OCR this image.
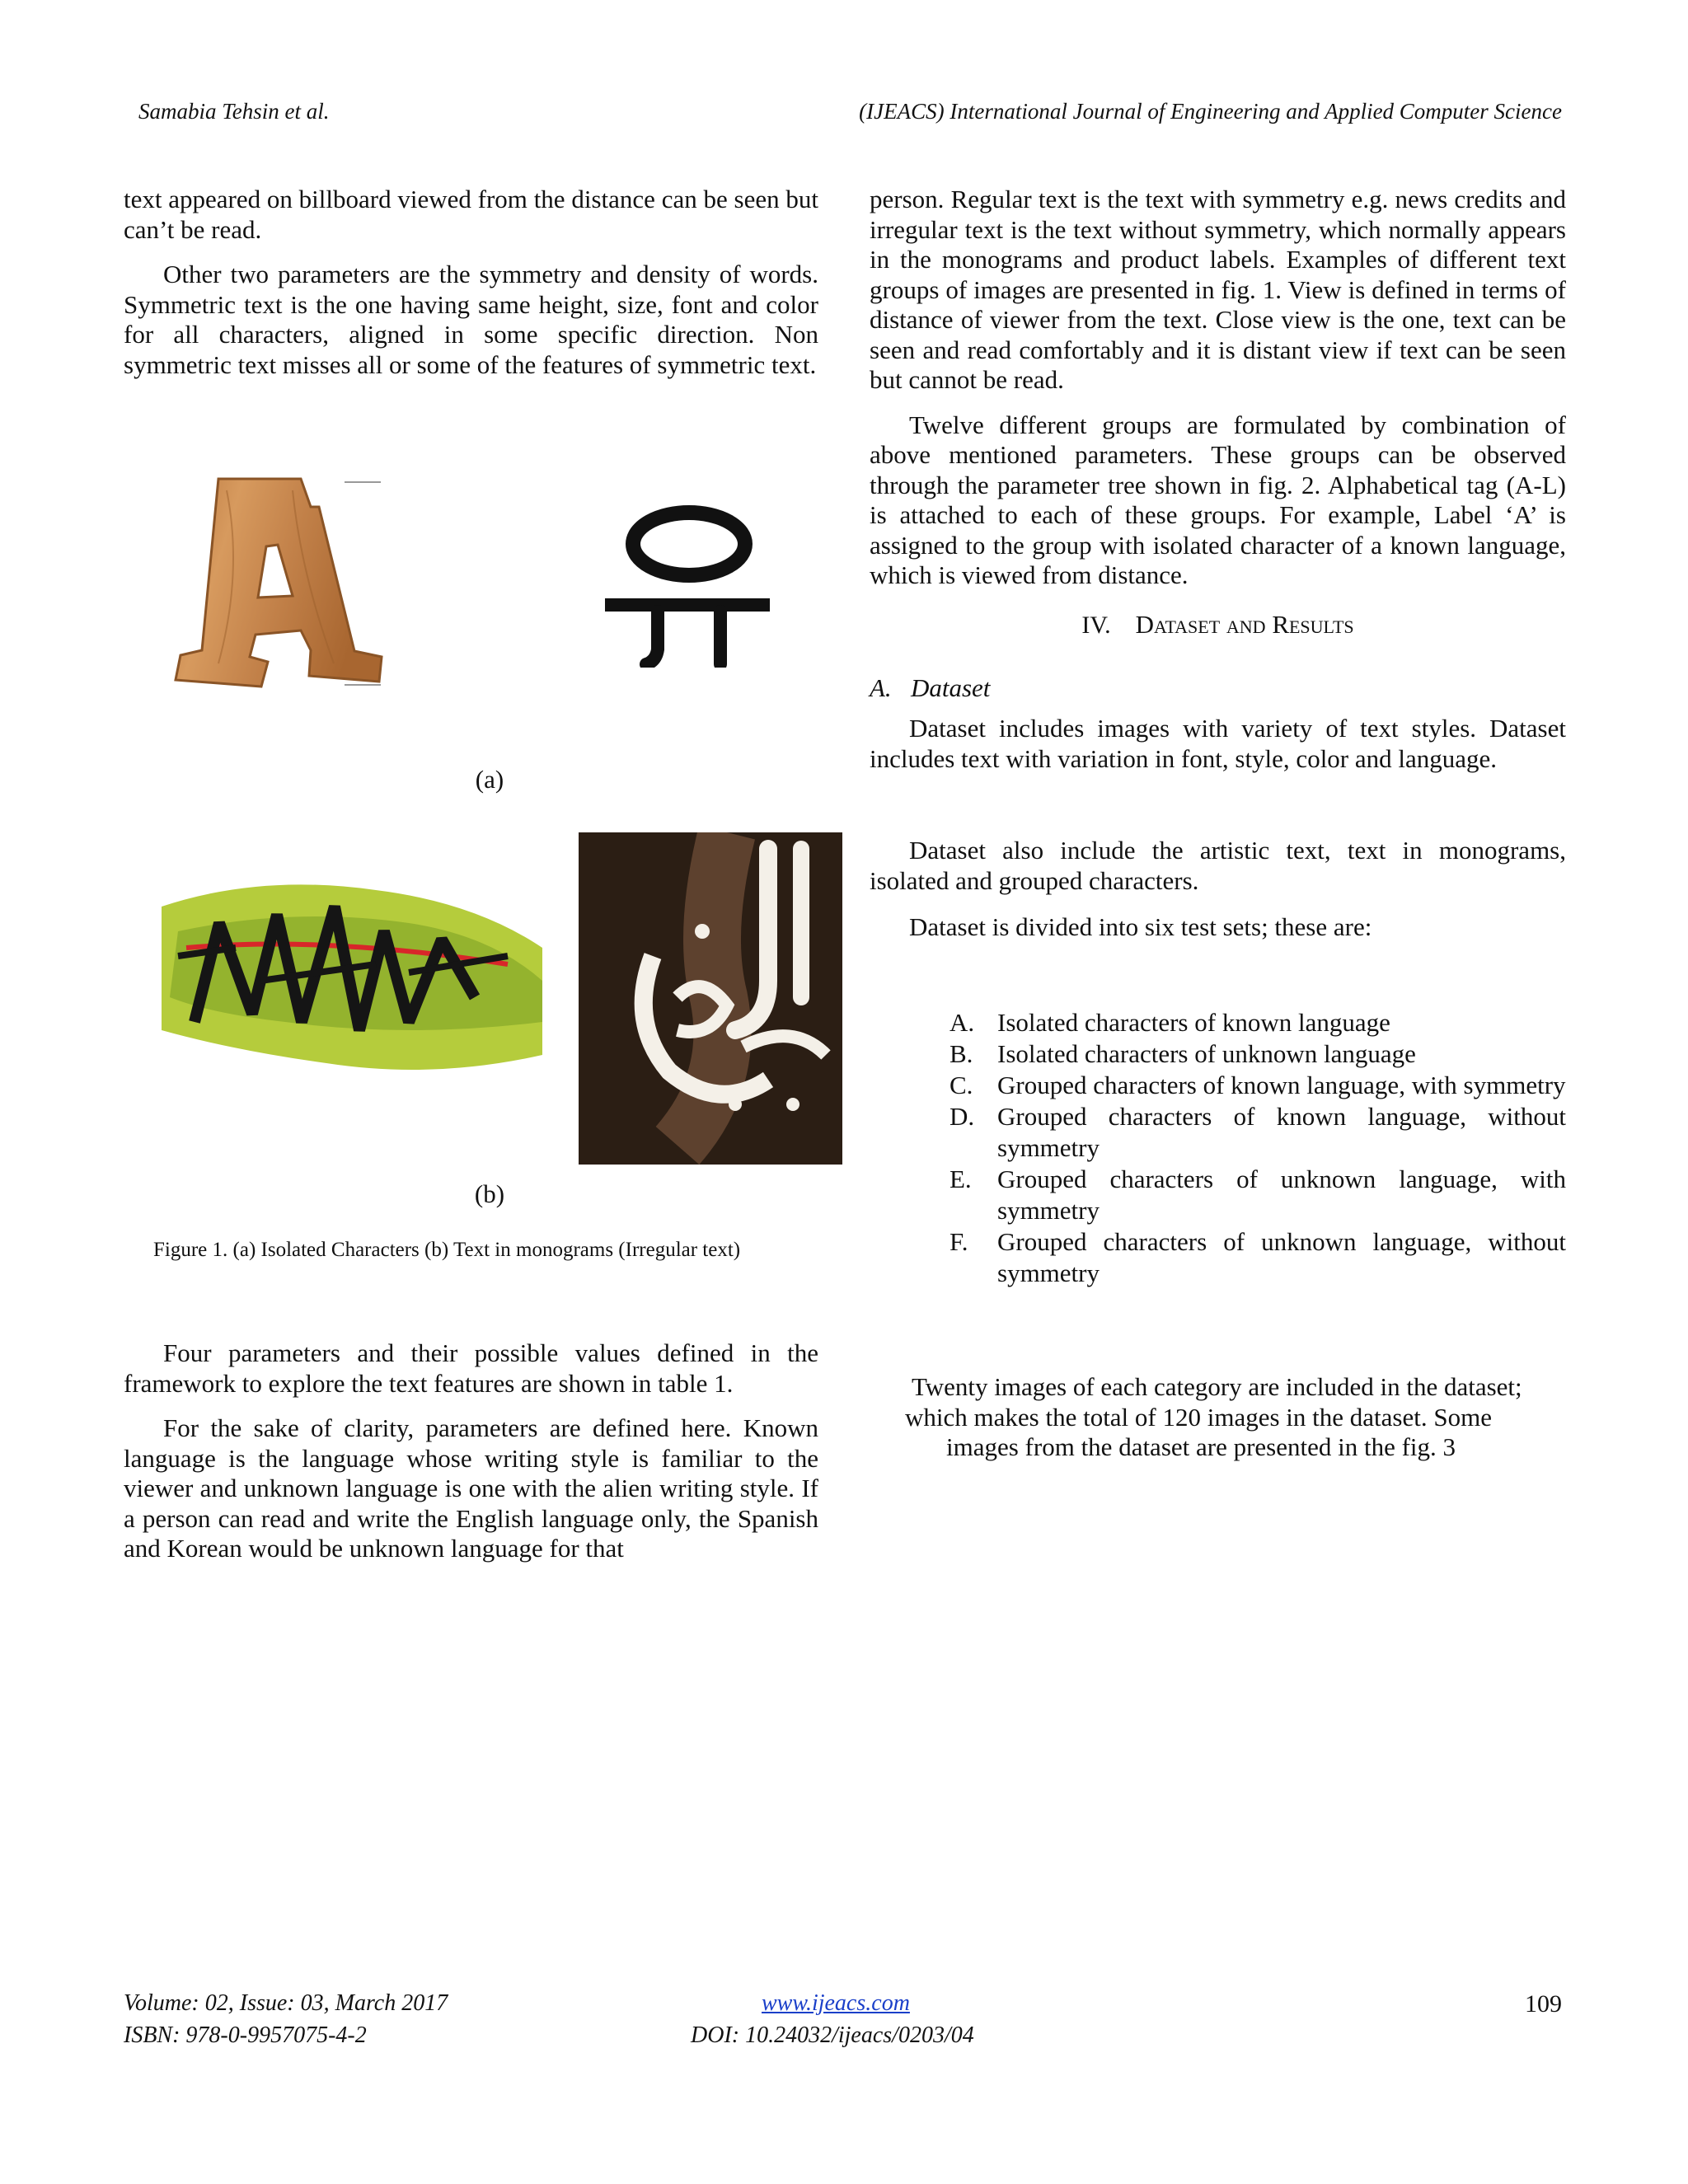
Samabia Tehsin et al.	(IJEACS) International Journal of Engineering and Applied Computer Science

text appeared on billboard viewed from the distance can be seen but can’t be read.

Other two parameters are the symmetry and density of words. Symmetric text is the one having same height, size, font and color for all characters, aligned in some specific direction. Non symmetric text misses all or some of the features of symmetric text.

(a)
(b)
Figure 1. (a) Isolated Characters (b) Text in monograms (Irregular text)

Four parameters and their possible values defined in the framework to explore the text features are shown in table 1.

For the sake of clarity, parameters are defined here. Known language is the language whose writing style is familiar to the viewer and unknown language is one with the alien writing style. If a person can read and write the English language only, the Spanish and Korean would be unknown language for that

person. Regular text is the text with symmetry e.g. news credits and irregular text is the text without symmetry, which normally appears in the monograms and product labels. Examples of different text groups of images are presented in fig. 1. View is defined in terms of distance of viewer from the text. Close view is the one, text can be seen and read comfortably and it is distant view if text can be seen but cannot be read.

Twelve different groups are formulated by combination of above mentioned parameters. These groups can be observed through the parameter tree shown in fig. 2. Alphabetical tag (A-L) is attached to each of these groups. For example, Label ‘A’ is assigned to the group with isolated character of a known language, which is viewed from distance.

IV. Dataset and Results
A. Dataset

Dataset includes images with variety of text styles. Dataset includes text with variation in font, style, color and language.

Dataset also include the artistic text, text in monograms, isolated and grouped characters.

Dataset is divided into six test sets; these are:

A. Isolated characters of known language
B. Isolated characters of unknown language
C. Grouped characters of known language, with symmetry
D. Grouped characters of known language, without symmetry
E. Grouped characters of unknown language, with symmetry
F. Grouped characters of unknown language, without symmetry
Twenty images of each category are included in the dataset;
which makes the total of 120 images in the dataset. Some
images from the dataset are presented in the fig. 3
Volume: 02, Issue: 03, March 2017
ISBN: 978-0-9957075-4-2
www.ijeacs.com
DOI: 10.24032/ijeacs/0203/04
109
